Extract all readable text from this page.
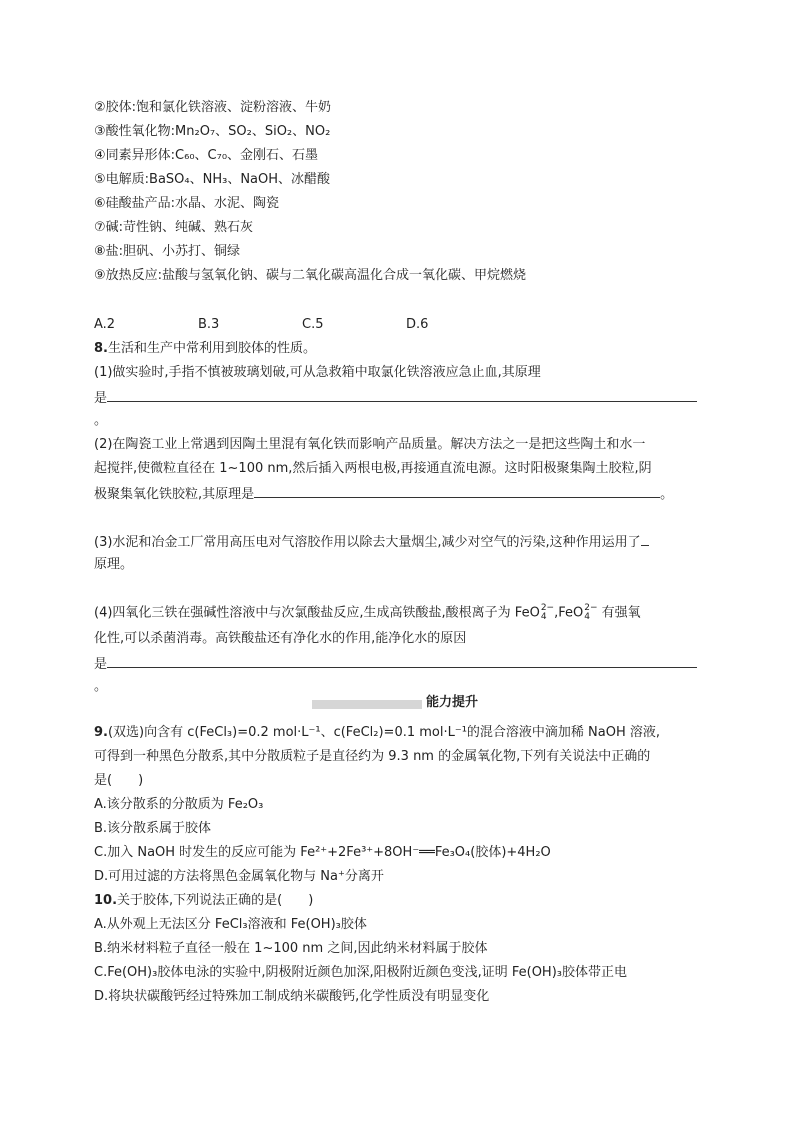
②胶体:饱和氯化铁溶液、淀粉溶液、牛奶
③酸性氧化物:Mn₂O₇、SO₂、SiO₂、NO₂
④同素异形体:C₆₀、C₇₀、金刚石、石墨
⑤电解质:BaSO₄、NH₃、NaOH、冰醋酸
⑥硅酸盐产品:水晶、水泥、陶瓷
⑦碱:苛性钠、纯碱、熟石灰
⑧盐:胆矾、小苏打、铜绿
⑨放热反应:盐酸与氢氧化钠、碳与二氧化碳高温化合成一氧化碳、甲烷燃烧
A.2	B.3	C.5	D.6
8.生活和生产中常利用到胶体的性质。
(1)做实验时,手指不慎被玻璃划破,可从急救箱中取氯化铁溶液应急止血,其原理
是
。
(2)在陶瓷工业上常遇到因陶土里混有氧化铁而影响产品质量。解决方法之一是把这些陶土和水一
起搅拌,使微粒直径在 1~100 nm,然后插入两根电极,再接通直流电源。这时阳极聚集陶土胶粒,阴
极聚集氧化铁胶粒,其原理是	。
(3)水泥和冶金工厂常用高压电对气溶胶作用以除去大量烟尘,减少对空气的污染,这种作用运用了
原理。
(4)四氧化三铁在强碱性溶液中与次氯酸盐反应,生成高铁酸盐,酸根离子为 FeO 2−
4 ,FeO 2−
4 有强氧
化性,可以杀菌消毒。高铁酸盐还有净化水的作用,能净化水的原因
是
。
能力提升
9.(双选)向含有 c(FeCl₃)=0.2 mol·L⁻¹、c(FeCl₂)=0.1 mol·L⁻¹的混合溶液中滴加稀 NaOH 溶液,
可得到一种黑色分散系,其中分散质粒子是直径约为 9.3 nm 的金属氧化物,下列有关说法中正确的
是(　　)
A.该分散系的分散质为 Fe₂O₃
B.该分散系属于胶体
C.加入 NaOH 时发生的反应可能为 Fe²⁺+2Fe³⁺+8OH⁻══Fe₃O₄(胶体)+4H₂O
D.可用过滤的方法将黑色金属氧化物与 Na⁺分离开
10.关于胶体,下列说法正确的是(　　)
A.从外观上无法区分 FeCl₃溶液和 Fe(OH)₃胶体
B.纳米材料粒子直径一般在 1~100 nm 之间,因此纳米材料属于胶体
C.Fe(OH)₃胶体电泳的实验中,阴极附近颜色加深,阳极附近颜色变浅,证明 Fe(OH)₃胶体带正电
D.将块状碳酸钙经过特殊加工制成纳米碳酸钙,化学性质没有明显变化
